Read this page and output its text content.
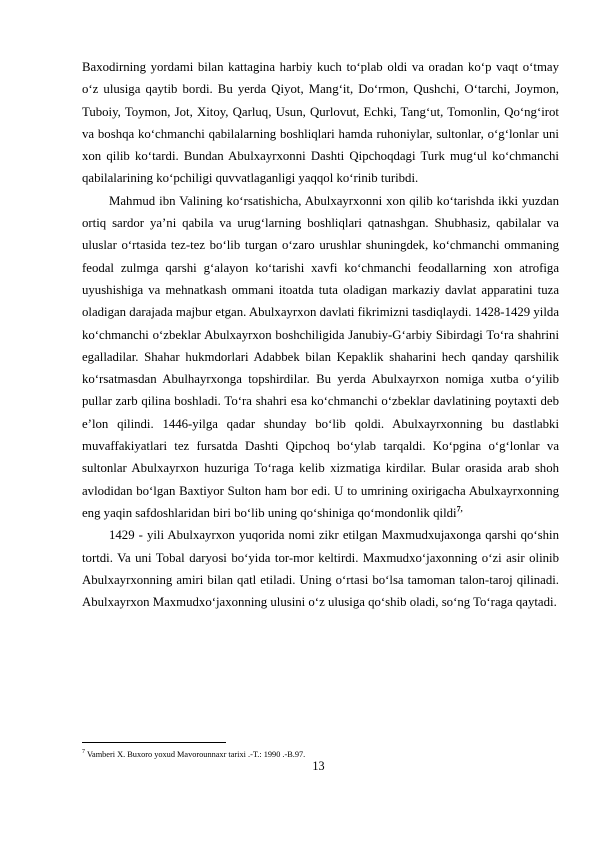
Baxodirning yordami bilan kattagina harbiy kuch to‘plab oldi va oradan ko‘p vaqt o‘tmay o‘z ulusiga qaytib bordi. Bu yerda Qiyot, Mang‘it, Do‘rmon, Qushchi, O‘tarchi, Joymon, Tuboiy, Toymon, Jot, Xitoy, Qarluq, Usun, Qurlovut, Echki, Tang‘ut, Tomonlin, Qo‘ng‘irot va boshqa ko‘chmanchi qabilalarning boshliqlari hamda ruhoniylar, sultonlar, o‘g‘lonlar uni xon qilib ko‘tardi. Bundan Abulxayrxonni Dashti Qipchoqdagi Turk mug‘ul ko‘chmanchi qabilalarining ko‘pchiligi quvvatlaganligi yaqqol ko‘rinib turibdi.

Mahmud ibn Valining ko‘rsatishicha, Abulxayrxonni xon qilib ko‘tarishda ikki yuzdan ortiq sardor ya’ni qabila va urug‘larning boshliqlari qatnashgan. Shubhasiz, qabilalar va uluslar o‘rtasida tez-tez bo‘lib turgan o‘zaro urushlar shuningdek, ko‘chmanchi ommaning feodal zulmga qarshi g‘alayon ko‘tarishi xavfi ko‘chmanchi feodallarning xon atrofiga uyushishiga va mehnatkash ommani itoatda tuta oladigan markaziy davlat apparatini tuza oladigan darajada majbur etgan. Abulxayrxon davlati fikrimizni tasdiqlaydi. 1428-1429 yilda ko‘chmanchi o‘zbeklar Abulxayrxon boshchiligida Janubiy-G‘arbiy Sibirdagi To‘ra shahrini egalladilar. Shahar hukmdorlari Adabbek bilan Kepaklik shaharini hech qanday qarshilik ko‘rsatmasdan Abulhayrxonga topshirdilar. Bu yerda Abulxayrxon nomiga xutba o‘yilib pullar zarb qilina boshladi. To‘ra shahri esa ko‘chmanchi o‘zbeklar davlatining poytaxti deb e’lon qilindi. 1446-yilga qadar shunday bo‘lib qoldi. Abulxayrxonning bu dastlabki muvaffakiyatlari tez fursatda Dashti Qipchoq bo‘ylab tarqaldi. Ko‘pgina o‘g‘lonlar va sultonlar Abulxayrxon huzuriga To‘raga kelib xizmatiga kirdilar. Bular orasida arab shoh avlodidan bo‘lgan Baxtiyor Sulton ham bor edi. U to umrining oxirigacha Abulxayrxonning eng yaqin safdoshlaridan biri bo‘lib uning qo‘shiniga qo‘mondonlik qildi$^{7,}$

1429 - yili Abulxayrxon yuqorida nomi zikr etilgan Maxmudxujaxonga qarshi qo‘shin tortdi. Va uni Tobal daryosi bo‘yida tor-mor keltirdi. Maxmudxo‘jaxonning o‘zi asir olinib Abulxayrxonning amiri bilan qatl etiladi. Uning o‘rtasi bo‘lsa tamoman talon-taroj qilinadi. Abulxayrxon Maxmudxo‘jaxonning ulusini o‘z ulusiga qo‘shib oladi, so‘ng To‘raga qaytadi.

$^7$ Vamberi X. Buxoro yoxud Mavorounnaxr tarixi .-T.: 1990 .-B.97.
13
